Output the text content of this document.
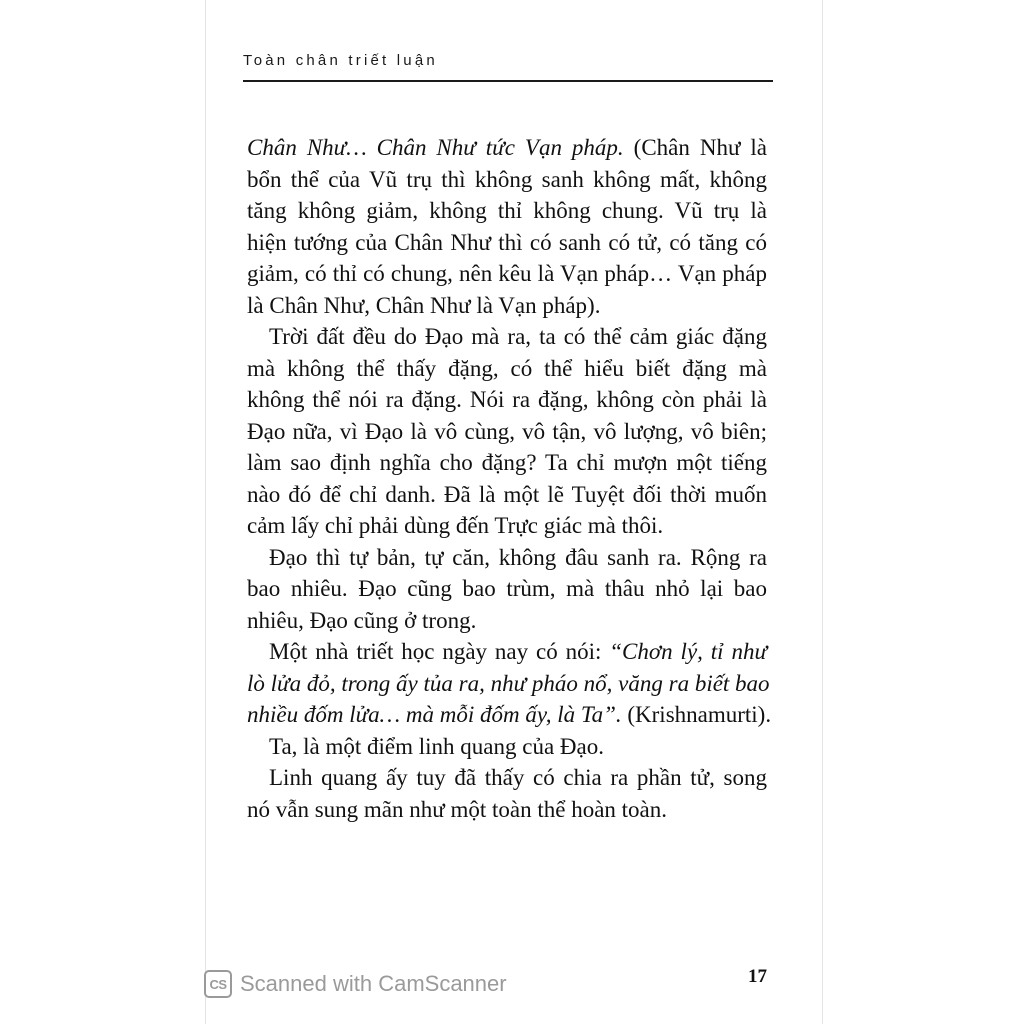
Toàn chân triết luận
Chân Như… Chân Như tức Vạn pháp. (Chân Như là
bổn thể của Vũ trụ thì không sanh không mất, không
tăng không giảm, không thỉ không chung. Vũ trụ là
hiện tướng của Chân Như thì có sanh có tử, có tăng có
giảm, có thỉ có chung, nên kêu là Vạn pháp… Vạn pháp
là Chân Như, Chân Như là Vạn pháp).
Trời đất đều do Đạo mà ra, ta có thể cảm giác đặng
mà không thể thấy đặng, có thể hiểu biết đặng mà
không thể nói ra đặng. Nói ra đặng, không còn phải là
Đạo nữa, vì Đạo là vô cùng, vô tận, vô lượng, vô biên;
làm sao định nghĩa cho đặng? Ta chỉ mượn một tiếng
nào đó để chỉ danh. Đã là một lẽ Tuyệt đối thời muốn
cảm lấy chỉ phải dùng đến Trực giác mà thôi.
Đạo thì tự bản, tự căn, không đâu sanh ra. Rộng ra
bao nhiêu. Đạo cũng bao trùm, mà thâu nhỏ lại bao
nhiêu, Đạo cũng ở trong.
Một nhà triết học ngày nay có nói: “Chơn lý, tỉ như
lò lửa đỏ, trong ấy tủa ra, như pháo nổ, văng ra biết bao
nhiều đốm lửa… mà mỗi đốm ấy, là Ta”. (Krishnamurti).
Ta, là một điểm linh quang của Đạo.
Linh quang ấy tuy đã thấy có chia ra phần tử, song
nó vẫn sung mãn như một toàn thể hoàn toàn.
CS Scanned with CamScanner	17
